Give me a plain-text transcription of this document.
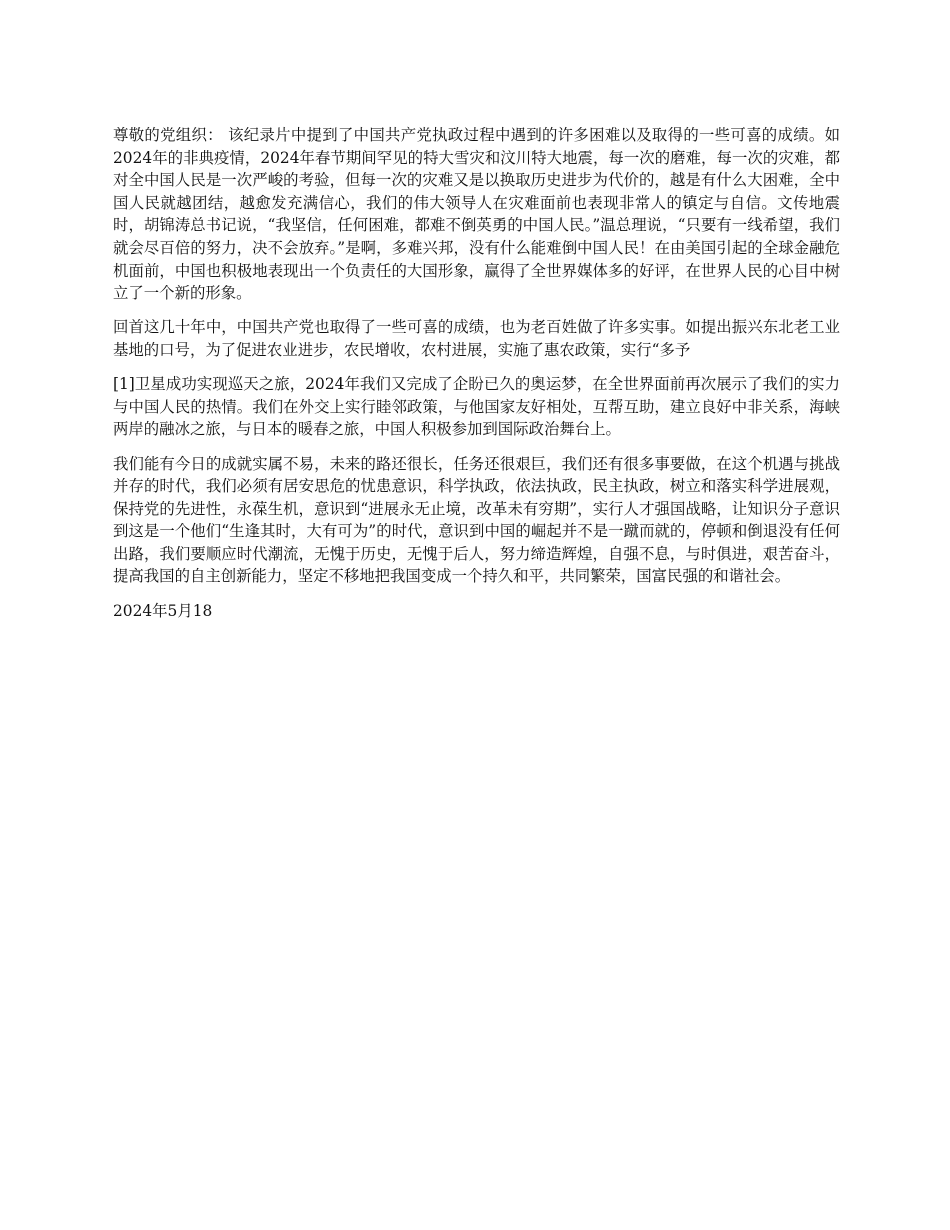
尊敬的党组织： 该纪录片中提到了中国共产党执政过程中遇到的许多困难以及取得的一些可喜的成绩。如2024年的非典疫情，2024年春节期间罕见的特大雪灾和汶川特大地震，每一次的磨难，每一次的灾难，都对全中国人民是一次严峻的考验，但每一次的灾难又是以换取历史进步为代价的，越是有什么大困难，全中国人民就越团结，越愈发充满信心，我们的伟大领导人在灾难面前也表现非常人的镇定与自信。文传地震时，胡锦涛总书记说，“我坚信，任何困难，都难不倒英勇的中国人民。”温总理说，“只要有一线希望，我们就会尽百倍的努力，决不会放弃。”是啊，多难兴邦，没有什么能难倒中国人民！在由美国引起的全球金融危机面前，中国也积极地表现出一个负责任的大国形象，赢得了全世界媒体多的好评，在世界人民的心目中树立了一个新的形象。

回首这几十年中，中国共产党也取得了一些可喜的成绩，也为老百姓做了许多实事。如提出振兴东北老工业基地的口号，为了促进农业进步，农民增收，农村进展，实施了惠农政策，实行“多予

[1]卫星成功实现巡天之旅，2024年我们又完成了企盼已久的奥运梦，在全世界面前再次展示了我们的实力与中国人民的热情。我们在外交上实行睦邻政策，与他国家友好相处，互帮互助，建立良好中非关系，海峡两岸的融冰之旅，与日本的暖春之旅，中国人积极参加到国际政治舞台上。

我们能有今日的成就实属不易，未来的路还很长，任务还很艰巨，我们还有很多事要做，在这个机遇与挑战并存的时代，我们必须有居安思危的忧患意识，科学执政，依法执政，民主执政，树立和落实科学进展观，保持党的先进性，永葆生机，意识到“进展永无止境，改革未有穷期”，实行人才强国战略，让知识分子意识到这是一个他们“生逢其时，大有可为”的时代，意识到中国的崛起并不是一蹴而就的，停顿和倒退没有任何出路，我们要顺应时代潮流，无愧于历史，无愧于后人，努力缔造辉煌，自强不息，与时俱进，艰苦奋斗，提高我国的自主创新能力，坚定不移地把我国变成一个持久和平，共同繁荣，国富民强的和谐社会。

2024年5月18
